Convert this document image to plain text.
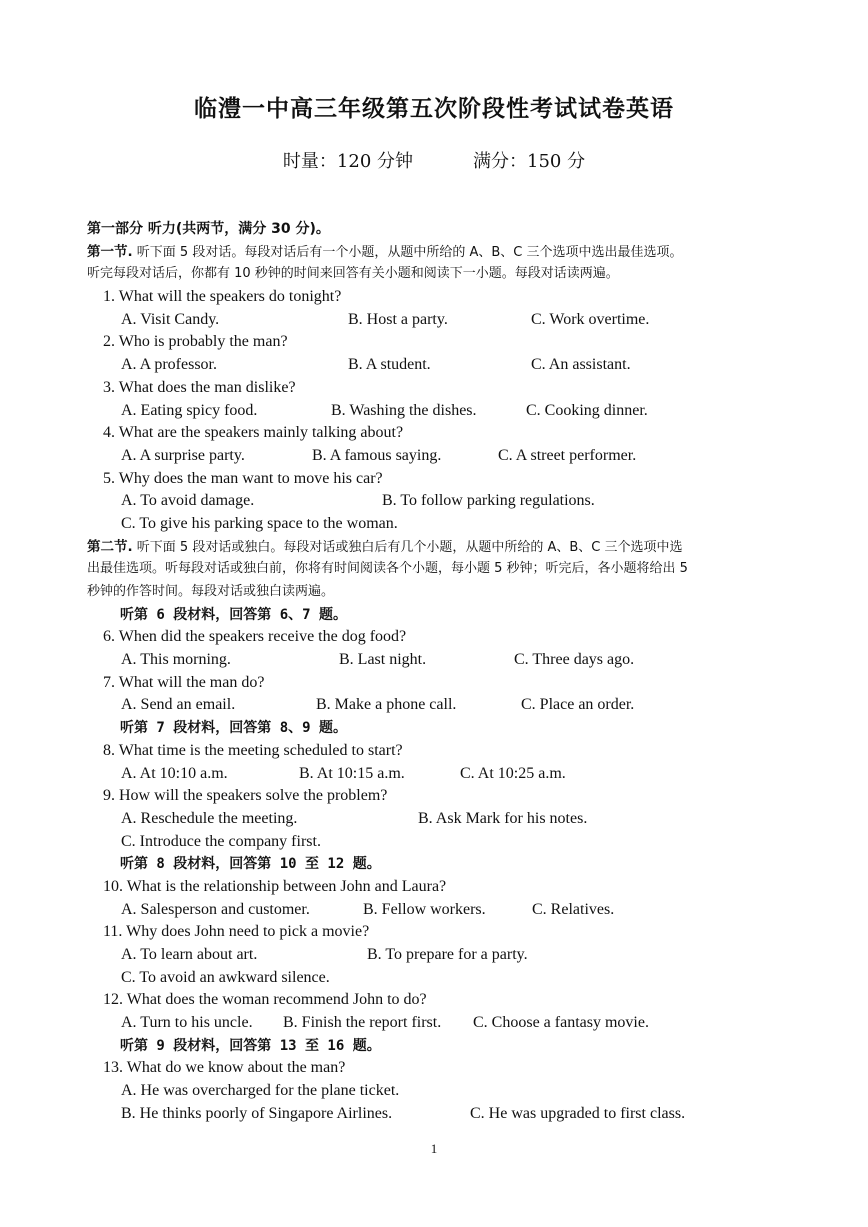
临澧一中高三年级第五次阶段性考试试卷英语
时量：120 分钟	满分：150 分
第一部分 听力(共两节，满分 30 分)。
第一节. 听下面 5 段对话。每段对话后有一个小题，从题中所给的 A、B、C 三个选项中选出最佳选项。
听完每段对话后，你都有 10 秒钟的时间来回答有关小题和阅读下一小题。每段对话读两遍。
1. What will the speakers do tonight?
A. Visit Candy.	B. Host a party.	C. Work overtime.
2. Who is probably the man?
A. A professor.	B. A student.	C. An assistant.
3. What does the man dislike?
A. Eating spicy food.	B. Washing the dishes.	C. Cooking dinner.
4. What are the speakers mainly talking about?
A. A surprise party.	B. A famous saying.	C. A street performer.
5. Why does the man want to move his car?
A. To avoid damage.	B. To follow parking regulations.
C. To give his parking space to the woman.
第二节. 听下面 5 段对话或独白。每段对话或独白后有几个小题，从题中所给的 A、B、C 三个选项中选
出最佳选项。听每段对话或独白前，你将有时间阅读各个小题，每小题 5 秒钟；听完后，各小题将给出 5
秒钟的作答时间。每段对话或独白读两遍。
听第 6 段材料，回答第 6、7 题。
6. When did the speakers receive the dog food?
A. This morning.	B. Last night.	C. Three days ago.
7. What will the man do?
A. Send an email.	B. Make a phone call.	C. Place an order.
听第 7 段材料，回答第 8、9 题。
8. What time is the meeting scheduled to start?
A. At 10:10 a.m.	B. At 10:15 a.m.	C. At 10:25 a.m.
9. How will the speakers solve the problem?
A. Reschedule the meeting.	B. Ask Mark for his notes.
C. Introduce the company first.
听第 8 段材料，回答第 10 至 12 题。
10. What is the relationship between John and Laura?
A. Salesperson and customer.	B. Fellow workers.	C. Relatives.
11. Why does John need to pick a movie?
A. To learn about art.	B. To prepare for a party.
C. To avoid an awkward silence.
12. What does the woman recommend John to do?
A. Turn to his uncle. B. Finish the report first. C. Choose a fantasy movie.
听第 9 段材料，回答第 13 至 16 题。
13. What do we know about the man?
A. He was overcharged for the plane ticket.
B. He thinks poorly of Singapore Airlines.	C. He was upgraded to first class.
1
